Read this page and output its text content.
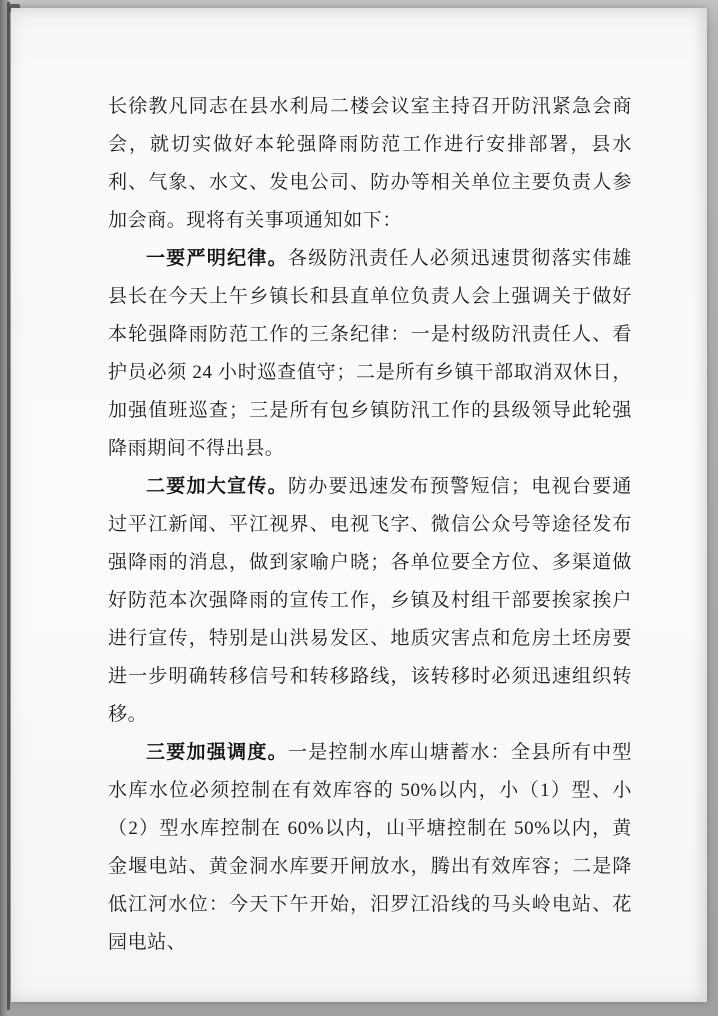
长徐教凡同志在县水利局二楼会议室主持召开防汛紧急会商会，就切实做好本轮强降雨防范工作进行安排部署，县水利、气象、水文、发电公司、防办等相关单位主要负责人参加会商。现将有关事项通知如下：

一要严明纪律。各级防汛责任人必须迅速贯彻落实伟雄县长在今天上午乡镇长和县直单位负责人会上强调关于做好本轮强降雨防范工作的三条纪律：一是村级防汛责任人、看护员必须 24 小时巡查值守；二是所有乡镇干部取消双休日，加强值班巡查；三是所有包乡镇防汛工作的县级领导此轮强降雨期间不得出县。

二要加大宣传。防办要迅速发布预警短信；电视台要通过平江新闻、平江视界、电视飞字、微信公众号等途径发布强降雨的消息，做到家喻户晓；各单位要全方位、多渠道做好防范本次强降雨的宣传工作，乡镇及村组干部要挨家挨户进行宣传，特别是山洪易发区、地质灾害点和危房土坯房要进一步明确转移信号和转移路线，该转移时必须迅速组织转移。

三要加强调度。一是控制水库山塘蓄水：全县所有中型水库水位必须控制在有效库容的 50%以内，小（1）型、小（2）型水库控制在 60%以内，山平塘控制在 50%以内，黄金堰电站、黄金洞水库要开闸放水，腾出有效库容；二是降低江河水位：今天下午开始，汨罗江沿线的马头岭电站、花园电站、
